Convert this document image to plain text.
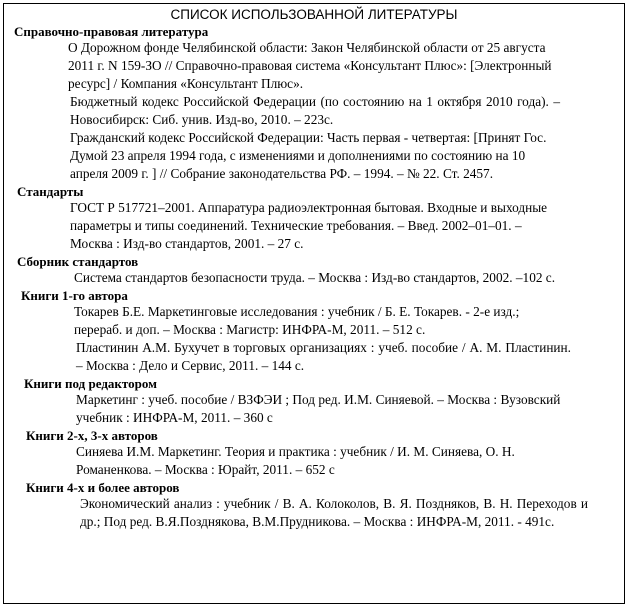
СПИСОК ИСПОЛЬЗОВАННОЙ ЛИТЕРАТУРЫ
Справочно-правовая литература
О Дорожном фонде Челябинской области: Закон Челябинской области от 25 августа 2011 г. N 159-ЗО // Справочно-правовая система «Консультант Плюс»: [Электронный ресурс] / Компания «Консультант Плюс».
Бюджетный кодекс Российской Федерации (по состоянию на 1 октября 2010 года). – Новосибирск: Сиб. унив. Изд-во, 2010. – 223с.
Гражданский кодекс Российской Федерации: Часть первая - четвертая: [Принят Гос. Думой 23 апреля 1994 года, с изменениями и дополнениями по состоянию на 10 апреля 2009 г. ] // Собрание законодательства РФ. – 1994. – № 22. Ст. 2457.
Стандарты
ГОСТ Р 517721–2001. Аппаратура радиоэлектронная бытовая. Входные и выходные параметры и типы соединений. Технические требования. – Введ. 2002–01–01. – Москва : Изд-во стандартов, 2001. – 27 с.
Сборник стандартов
Система стандартов безопасности труда. – Москва : Изд-во стандартов, 2002. –102 с.
Книги 1-го автора
Токарев Б.Е. Маркетинговые исследования : учебник / Б. Е. Токарев. - 2-е изд.; перераб. и доп. – Москва : Магистр: ИНФРА-М, 2011. – 512 с.
Пластинин А.М. Бухучет в торговых организациях : учеб. пособие / А. М. Пластинин. – Москва : Дело и Сервис, 2011. – 144 с.
Книги под редактором
Маркетинг : учеб. пособие / ВЗФЭИ ; Под ред. И.М. Синяевой. – Москва : Вузовский учебник : ИНФРА-М, 2011. – 360 с
Книги 2-х, 3-х авторов
Синяева И.М. Маркетинг. Теория и практика : учебник / И. М. Синяева, О. Н. Романенкова. – Москва : Юрайт, 2011. – 652 с
Книги 4-х и более авторов
Экономический анализ : учебник / В. А. Колоколов, В. Я. Поздняков, В. Н. Переходов и др.; Под ред. В.Я.Позднякова, В.М.Прудникова. – Москва : ИНФРА-М, 2011. - 491с.
